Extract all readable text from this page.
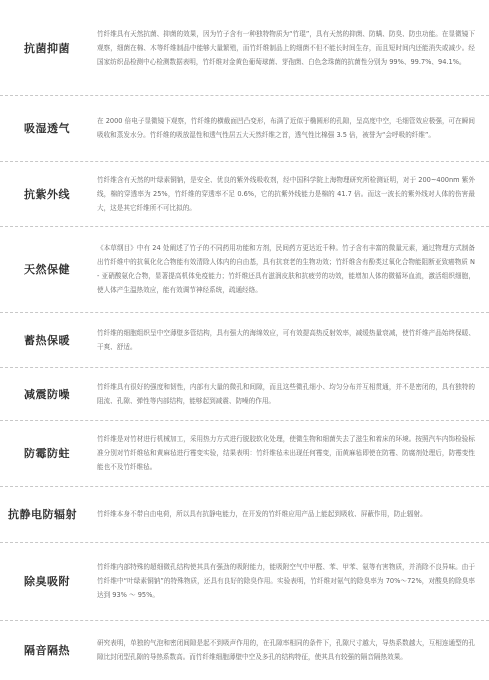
抗菌抑菌
竹纤维具有天然抗菌、抑菌的效果，因为竹子含有一种独特物质为“竹琨”，具有天然的抑菌、防螨、防臭、防虫功能。在显微镜下观察，细菌在棉、木等纤维制品中能够大量繁殖，而竹纤维制品上的细菌不但不能长时间生存，而且短时间内还能消失或减少。经国家纺织品检测中心检测数据表明，竹纤维对金黄色葡萄球菌、芽孢菌、白色念珠菌的抗菌性分别为 99%、99.7%、94.1%。
吸湿透气
在 2000 倍电子显微镜下观察，竹纤维的横截面凹凸变形，布满了近似于椭圆形的孔隙，呈高度中空，毛细管效应极强，可在瞬间吸收和蒸发水分。竹纤维的吸放湿性和透气性居五大天然纤维之首，透气性比棉强 3.5 倍，被誉为“会呼吸的纤维”。
抗紫外线
竹纤维含有天然的叶绿素铜钠，是安全、优良的紫外线吸收剂，经中国科学院上海物理研究所检测证明，对于 200~400nm 紫外线，棉的穿透率为 25%，竹纤维的穿透率不足 0.6%，它的抗紫外线能力是棉的 41.7 倍。而这一波长的紫外线对人体的伤害最大，这是其它纤维所不可比拟的。
天然保健
《本草纲目》中有 24 处阐述了竹子的不同药用功能和方剂，民间药方更达近千种。竹子含有丰富的微量元素，通过物理方式制备出竹纤维中的抗氧化化合物能有效清除人体内的自由基，具有抗衰老的生物功效；竹纤维含有酚类过氧化合物能阻断亚致癌物质 N- 亚硝酸氨化合物，显著提高机体免疫能力；竹纤维还具有滋润皮肤和抗疲劳的功效，能增加人体的微循环血流，激活组织细胞，使人体产生温热效应，能有效调节神经系统，疏通经络。
蓄热保暖
竹纤维的细胞组织呈中空薄壁多管结构，具有强大的海绵效应，可有效提高热反射效率，减缓热量衰减，使竹纤维产品始终保暖、干爽、舒适。
减震防噪
竹纤维具有很好的强度和韧性，内部有大量的微孔和间隙，而且这些微孔细小、均匀分布并互相贯通，并不是密闭的，具有独特的阻流、孔隙、弹性等内部结构，能够起到减震、防噪的作用。
防霉防蛀
竹纤维是对竹材进行机械加工，采用热力方式进行脱胶软化处理，使微生物和细菌失去了滋生和着床的环境。按照汽车内饰检验标准分别对竹纤维毡和黄麻毡进行霉变实验，结果表明：竹纤维毡未出现任何霉变，而黄麻毡即使在防霉、防腐剂处理后，防霉变性能也不及竹纤维毡。
抗静电防辐射	竹纤维本身不带自由电荷，所以具有抗静电能力，在开发的竹纤维应用产品上能起到吸收、屏蔽作用，防止辐射。
除臭吸附
竹纤维内部特殊的超细微孔结构使其具有强劲的吸附能力，能吸附空气中甲醛、苯、甲苯、氨等有害物质，并消除不良异味。由于竹纤维中“叶绿素铜钠”的特殊物质，还具有良好的除臭作用。实验表明，竹纤维对氨气的除臭率为 70%～72%，对酸臭的除臭率达到 93% ～ 95%。
隔音隔热
研究表明，单独的气泡和密闭间隙是起不到吸声作用的，在孔隙率相同的条件下，孔隙尺寸越大，导热系数越大，互相连通型的孔隙比封闭型孔隙的导热系数高。而竹纤维细胞薄壁中空及多孔的结构特征，使其具有较强的隔音隔热效果。
